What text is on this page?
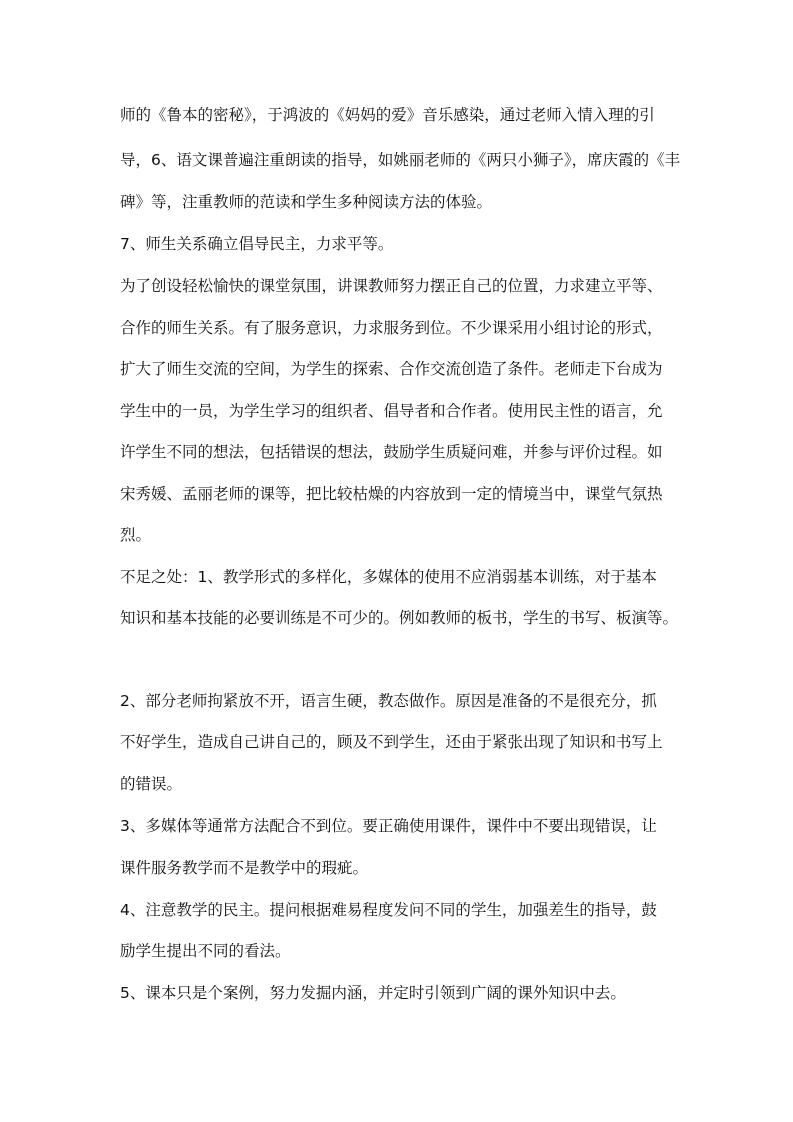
师的《鲁本的密秘》，于鸿波的《妈妈的爱》音乐感染，通过老师入情入理的引
导，6、语文课普遍注重朗读的指导，如姚丽老师的《两只小狮子》，席庆霞的《丰
碑》等，注重教师的范读和学生多种阅读方法的体验。
7、师生关系确立倡导民主，力求平等。
为了创设轻松愉快的课堂氛围，讲课教师努力摆正自己的位置，力求建立平等、
合作的师生关系。有了服务意识，力求服务到位。不少课采用小组讨论的形式，
扩大了师生交流的空间，为学生的探索、合作交流创造了条件。老师走下台成为
学生中的一员，为学生学习的组织者、倡导者和合作者。使用民主性的语言，允
许学生不同的想法，包括错误的想法，鼓励学生质疑问难，并参与评价过程。如
宋秀媛、孟丽老师的课等，把比较枯燥的内容放到一定的情境当中，课堂气氛热
烈。
不足之处：1、教学形式的多样化，多媒体的使用不应消弱基本训练，对于基本
知识和基本技能的必要训练是不可少的。例如教师的板书，学生的书写、板演等。
2、部分老师拘紧放不开，语言生硬，教态做作。原因是准备的不是很充分，抓
不好学生，造成自己讲自己的，顾及不到学生，还由于紧张出现了知识和书写上
的错误。
3、多媒体等通常方法配合不到位。要正确使用课件，课件中不要出现错误，让
课件服务教学而不是教学中的瑕疵。
4、注意教学的民主。提问根据难易程度发问不同的学生，加强差生的指导，鼓
励学生提出不同的看法。
5、课本只是个案例，努力发掘内涵，并定时引领到广阔的课外知识中去。
